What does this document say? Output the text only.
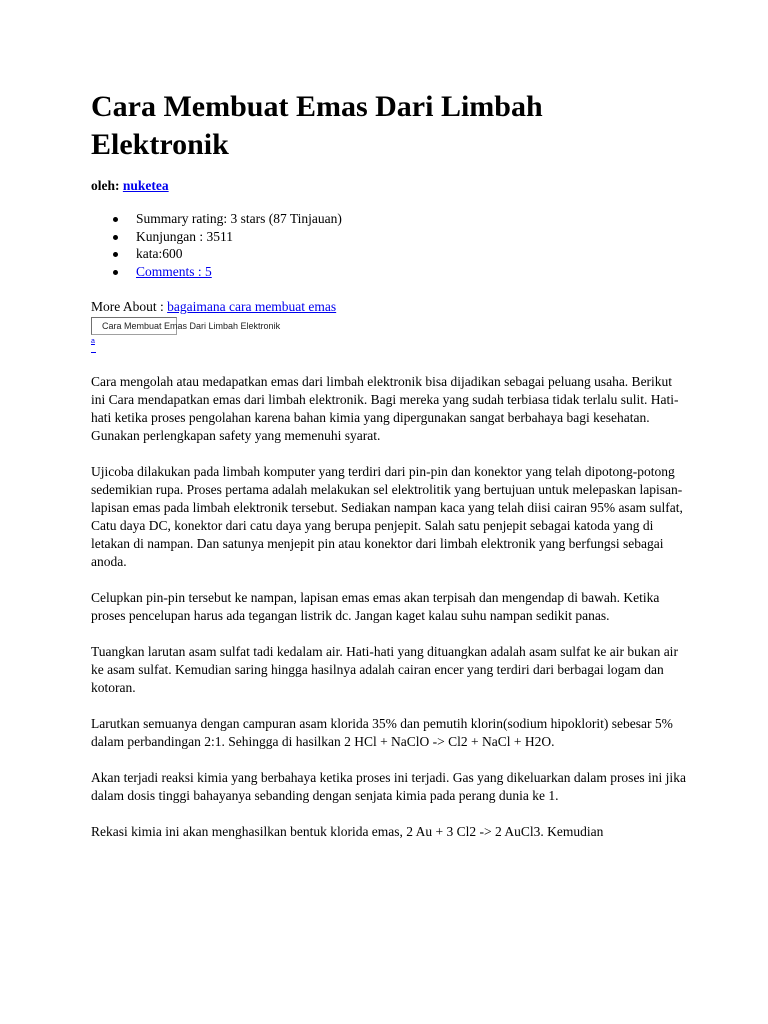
Cara Membuat Emas Dari Limbah Elektronik
oleh: nuketea
Summary rating: 3 stars (87 Tinjauan)
Kunjungan : 3511
kata:600
Comments : 5
More About : bagaimana cara membuat emas
Cara Membuat Emas Dari Limbah Elektronik
a

Cara mengolah atau medapatkan emas dari limbah elektronik bisa dijadikan sebagai peluang usaha. Berikut ini Cara mendapatkan emas dari limbah elektronik. Bagi mereka yang sudah terbiasa tidak terlalu sulit. Hati-hati ketika proses pengolahan karena bahan kimia yang dipergunakan sangat berbahaya bagi kesehatan. Gunakan perlengkapan safety yang memenuhi syarat.

Ujicoba dilakukan pada limbah komputer yang terdiri dari pin-pin dan konektor yang telah dipotong-potong sedemikian rupa. Proses pertama adalah melakukan sel elektrolitik yang bertujuan untuk melepaskan lapisan-lapisan emas pada limbah elektronik tersebut. Sediakan nampan kaca yang telah diisi cairan 95% asam sulfat, Catu daya DC, konektor dari catu daya yang berupa penjepit. Salah satu penjepit sebagai katoda yang di letakan di nampan. Dan satunya menjepit pin atau konektor dari limbah elektronik yang berfungsi sebagai anoda.

Celupkan pin-pin tersebut ke nampan, lapisan emas emas akan terpisah dan mengendap di bawah. Ketika proses pencelupan harus ada tegangan listrik dc. Jangan kaget kalau suhu nampan sedikit panas.

Tuangkan larutan asam sulfat tadi kedalam air. Hati-hati yang dituangkan adalah asam sulfat ke air bukan air ke asam sulfat. Kemudian saring hingga hasilnya adalah cairan encer yang terdiri dari berbagai logam dan kotoran.

Larutkan semuanya dengan campuran asam klorida 35% dan pemutih klorin(sodium hipoklorit) sebesar 5% dalam perbandingan 2:1. Sehingga di hasilkan 2 HCl + NaClO -> Cl2 + NaCl + H2O.

Akan terjadi reaksi kimia yang berbahaya ketika proses ini terjadi. Gas yang dikeluarkan dalam proses ini jika dalam dosis tinggi bahayanya sebanding dengan senjata kimia pada perang dunia ke 1.

Rekasi kimia ini akan menghasilkan bentuk klorida emas, 2 Au + 3 Cl2 -> 2 AuCl3. Kemudian
